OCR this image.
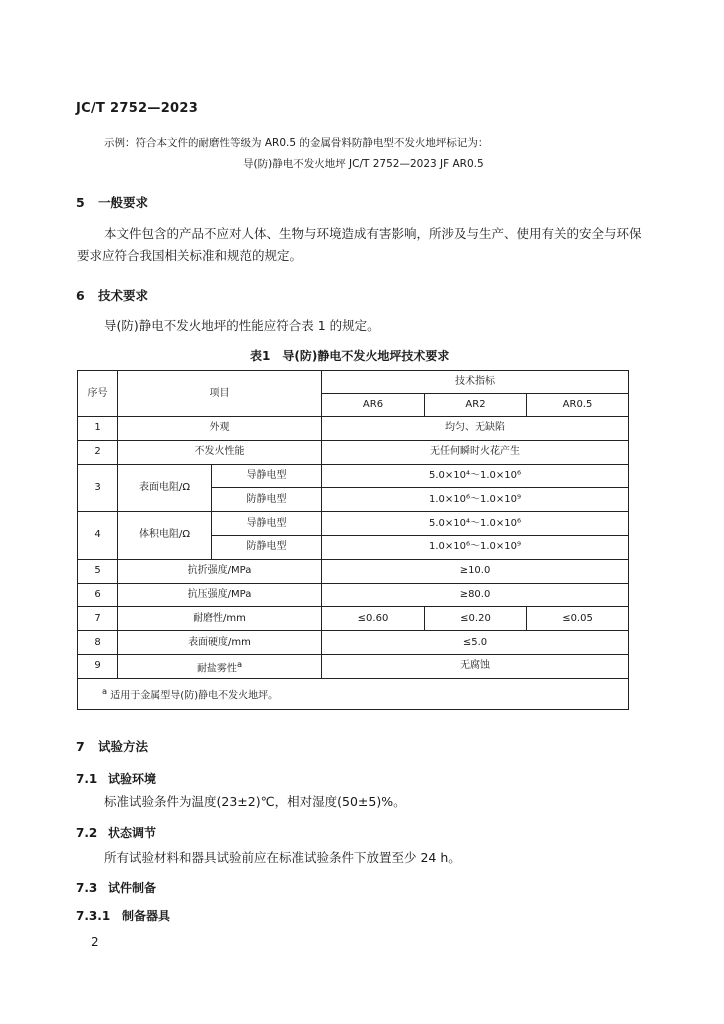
JC/T 2752—2023
示例：符合本文件的耐磨性等级为 AR0.5 的金属骨料防静电型不发火地坪标记为：
导(防)静电不发火地坪 JC/T 2752—2023 JF AR0.5
5 一般要求
本文件包含的产品不应对人体、生物与环境造成有害影响，所涉及与生产、使用有关的安全与环保
要求应符合我国相关标准和规范的规定。
6 技术要求
导(防)静电不发火地坪的性能应符合表 1 的规定。
表1　导(防)静电不发火地坪技术要求
序号	项目		技术指标		
			AR6	AR2	AR0.5
1	外观		均匀、无缺陷		
2	不发火性能		无任何瞬时火花产生		
3	表面电阻/Ω	导静电型	5.0×10⁴～1.0×10⁶		
		防静电型	1.0×10⁶～1.0×10⁹		
4	体积电阻/Ω	导静电型	5.0×10⁴～1.0×10⁶		
		防静电型	1.0×10⁶～1.0×10⁹		
5	抗折强度/MPa		≥10.0		
6	抗压强度/MPa		≥80.0		
7	耐磨性/mm		≤0.60	≤0.20	≤0.05
8	表面硬度/mm		≤5.0		
9	耐盐雾性$^a$		无腐蚀		
$^a$ 适用于金属型导(防)静电不发火地坪。					
7 试验方法
7.1 试验环境
标准试验条件为温度(23±2)℃，相对湿度(50±5)%。
7.2 状态调节
所有试验材料和器具试验前应在标准试验条件下放置至少 24 h。
7.3 试件制备
7.3.1 制备器具
2
